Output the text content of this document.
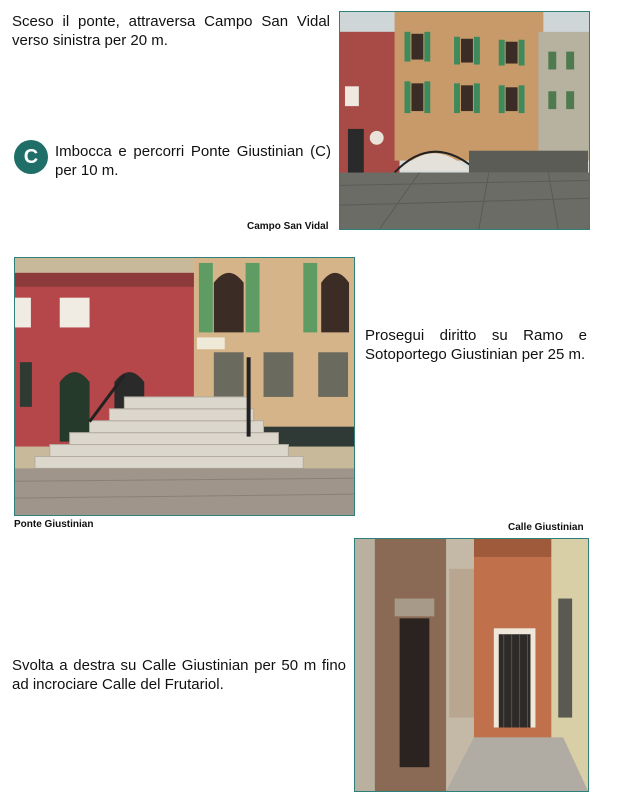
Sceso il ponte, attraversa Campo San Vidal verso sinistra per 20 m.
C	Imbocca e percorri Ponte Giustinian (C) per 10 m.
Campo San Vidal
Prosegui diritto su Ramo e Sotoportego Giustinian per 25 m.
Ponte Giustinian	Calle Giustinian
Svolta a destra su Calle Giustinian per 50 m fino ad incrociare Calle del Frutariol.
